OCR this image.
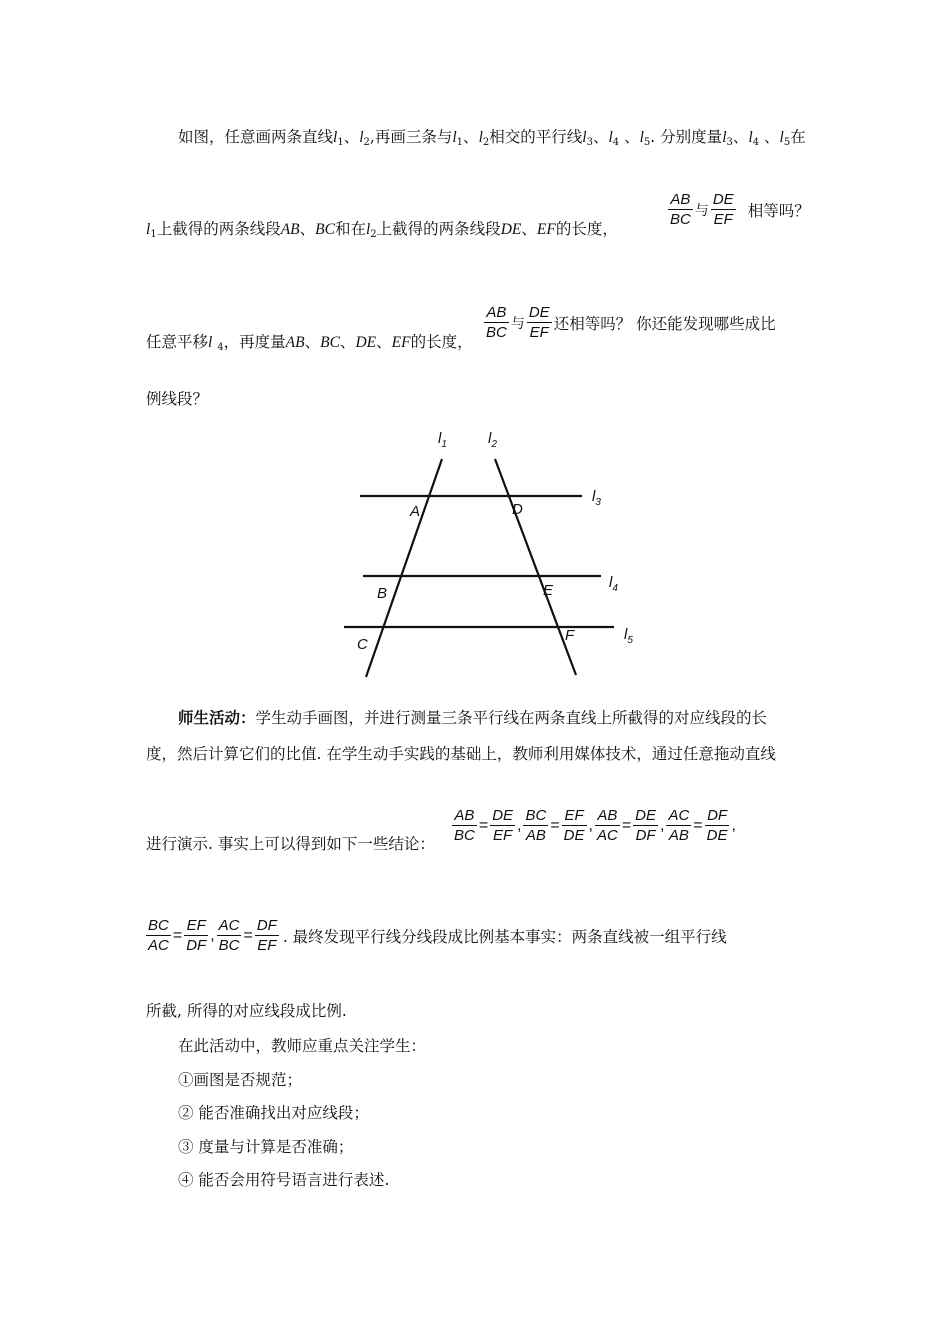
如图，任意画两条直线$l_1$、$l_2$,再画三条与$l_1$、$l_2$相交的平行线$l_3$、$l_4$ 、$l_5$. 分别度量$l_3$、$l_4$ 、$l_5$在
$l_1$上截得的两条线段AB、BC和在$l_2$上截得的两条线段DE、EF的长度，	$\frac{AB}{BC}$ 与 $\frac{DE}{EF}$ 相等吗？
任意平移l $_4$，再度量AB、BC、DE、EF的长度， $\frac{AB}{BC}$ 与 $\frac{DE}{EF}$ 还相等吗？ 你还能发现哪些成比
例线段？
$l_1$	$l_2$
$l_3$
$l_4$
$l_5$
A	D
B	E
C
F
师生活动：学生动手画图，并进行测量三条平行线在两条直线上所截得的对应线段的长
度，然后计算它们的比值. 在学生动手实践的基础上，教师利用媒体技术，通过任意拖动直线
进行演示. 事实上可以得到如下一些结论： $\frac{AB}{BC} = \frac{DE}{EF}$ , $\frac{BC}{AB} = \frac{EF}{DE}$ , $\frac{AB}{AC} = \frac{DE}{DF}$ , $\frac{AC}{AB} = \frac{DF}{DE}$ ,
$\frac{BC}{AC} = \frac{EF}{DF}$ , $\frac{AC}{BC} = \frac{DF}{EF}$ . 最终发现平行线分线段成比例基本事实：两条直线被一组平行线
所截, 所得的对应线段成比例.
在此活动中，教师应重点关注学生：
①画图是否规范；
② 能否准确找出对应线段；
③ 度量与计算是否准确；
④ 能否会用符号语言进行表述.
